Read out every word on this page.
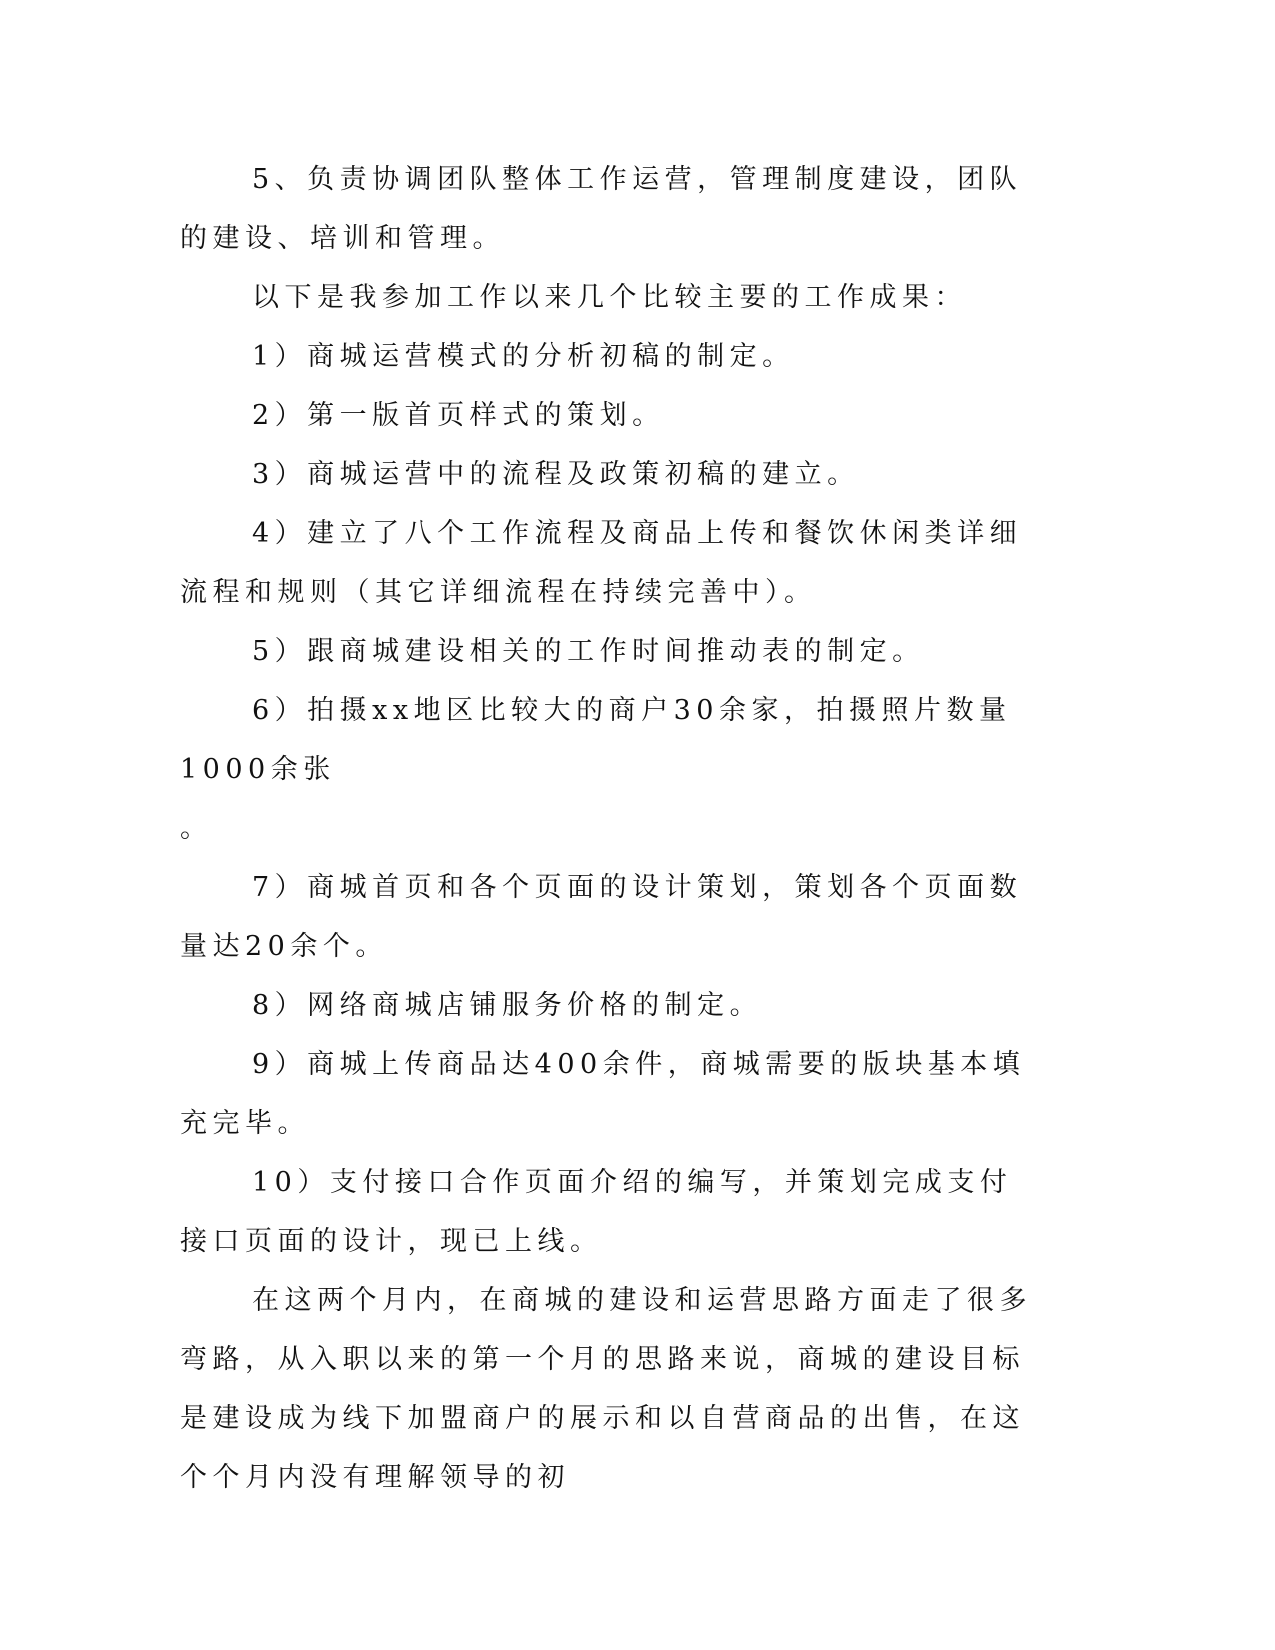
5、负责协调团队整体工作运营，管理制度建设，团队的建设、培训和管理。

以下是我参加工作以来几个比较主要的工作成果：

1）商城运营模式的分析初稿的制定。

2）第一版首页样式的策划。

3）商城运营中的流程及政策初稿的建立。

4）建立了八个工作流程及商品上传和餐饮休闲类详细流程和规则（其它详细流程在持续完善中）。

5）跟商城建设相关的工作时间推动表的制定。

6）拍摄xx地区比较大的商户30余家，拍摄照片数量1000余张

。

7）商城首页和各个页面的设计策划，策划各个页面数量达20余个。

8）网络商城店铺服务价格的制定。

9）商城上传商品达400余件，商城需要的版块基本填充完毕。

10）支付接口合作页面介绍的编写，并策划完成支付接口页面的设计，现已上线。

在这两个月内，在商城的建设和运营思路方面走了很多弯路，从入职以来的第一个月的思路来说，商城的建设目标是建设成为线下加盟商户的展示和以自营商品的出售，在这个个月内没有理解领导的初
